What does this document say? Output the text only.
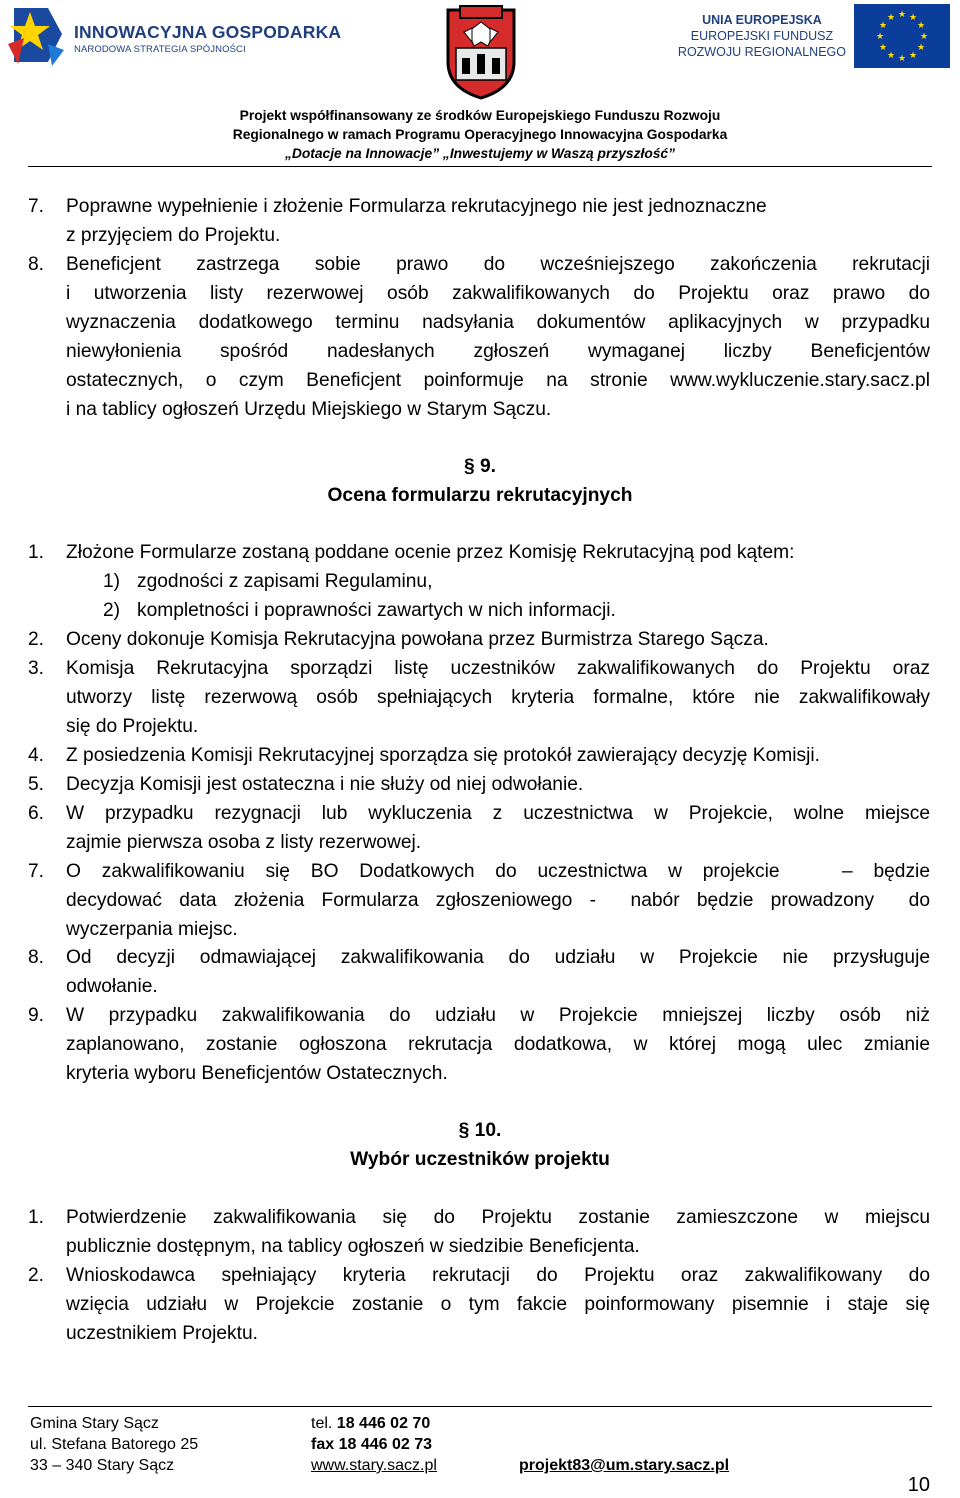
INNOWACYJNA GOSPODARKA
NARODOWA STRATEGIA SPÓJNOŚCI
UNIA EUROPEJSKA
EUROPEJSKI FUNDUSZ
ROZWOJU REGIONALNEGO
★ ★
★
★
★
★
★
★
★
★
★
★
Projekt współfinansowany ze środków Europejskiego Funduszu Rozwoju
Regionalnego w ramach Programu Operacyjnego Innowacyjna Gospodarka
„Dotacje na Innowacje” „Inwestujemy w Waszą przyszłość”
7. Poprawne wypełnienie i złożenie Formularza rekrutacyjnego nie jest jednoznaczne
z przyjęciem do Projektu.
8. Beneficjent zastrzega sobie prawo do wcześniejszego zakończenia rekrutacji
i utworzenia listy rezerwowej osób zakwalifikowanych do Projektu oraz prawo do
wyznaczenia dodatkowego terminu nadsyłania dokumentów aplikacyjnych w przypadku
niewyłonienia spośród nadesłanych zgłoszeń wymaganej liczby Beneficjentów
ostatecznych, o czym Beneficjent poinformuje na stronie www.wykluczenie.stary.sacz.pl
i na tablicy ogłoszeń Urzędu Miejskiego w Starym Sączu.
§ 9.
Ocena formularzu rekrutacyjnych
1. Złożone Formularze zostaną poddane ocenie przez Komisję Rekrutacyjną pod kątem:
1) zgodności z zapisami Regulaminu,
2) kompletności i poprawności zawartych w nich informacji.
2. Oceny dokonuje Komisja Rekrutacyjna powołana przez Burmistrza Starego Sącza.
3. Komisja Rekrutacyjna sporządzi listę uczestników zakwalifikowanych do Projektu oraz
utworzy listę rezerwową osób spełniających kryteria formalne, które nie zakwalifikowały
się do Projektu.
4. Z posiedzenia Komisji Rekrutacyjnej sporządza się protokół zawierający decyzję Komisji.
5. Decyzja Komisji jest ostateczna i nie służy od niej odwołanie.
6. W przypadku rezygnacji lub wykluczenia z uczestnictwa w Projekcie, wolne miejsce
zajmie pierwsza osoba z listy rezerwowej.
7. O zakwalifikowaniu się BO Dodatkowych do uczestnictwa w projekcie   – będzie
decydować data złożenia Formularza zgłoszeniowego -  nabór będzie prowadzony  do
wyczerpania miejsc.
8. Od decyzji odmawiającej zakwalifikowania do udziału w Projekcie nie przysługuje
odwołanie.
9. W przypadku zakwalifikowania do udziału w Projekcie mniejszej liczby osób niż
zaplanowano, zostanie ogłoszona rekrutacja dodatkowa, w której mogą ulec zmianie
kryteria wyboru Beneficjentów Ostatecznych.
§ 10.
Wybór uczestników projektu
1. Potwierdzenie zakwalifikowania się do Projektu zostanie zamieszczone w miejscu
publicznie dostępnym, na tablicy ogłoszeń w siedzibie Beneficjenta.
2. Wnioskodawca spełniający kryteria rekrutacji do Projektu oraz zakwalifikowany do
wzięcia udziału w Projekcie zostanie o tym fakcie poinformowany pisemnie i staje się
uczestnikiem Projektu.
Gmina Stary Sącz
ul. Stefana Batorego 25
33 – 340 Stary Sącz
tel. 18 446 02 70
fax 18 446 02 73
www.stary.sacz.pl	projekt83@um.stary.sacz.pl
10
